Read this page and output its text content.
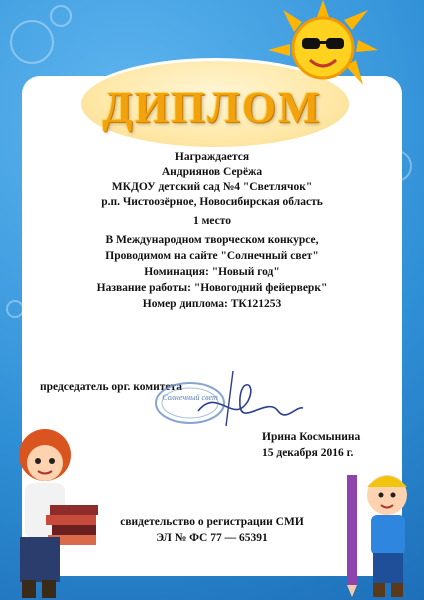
ДИПЛОМ
Награждается
Андриянов Серёжа
МКДОУ детский сад №4 "Светлячок"
р.п. Чистоозёрное, Новосибирская область
1 место
В Международном творческом конкурсе,
Проводимом на сайте "Солнечный свет"
Номинация: "Новый год"
Название работы: "Новогодний фейерверк"
Номер диплома: ТК121253
председатель орг. комитета
Солнечный свет
Ирина Космынина
15 декабря 2016 г.
свидетельство о регистрации СМИ
ЭЛ № ФС 77 — 65391
